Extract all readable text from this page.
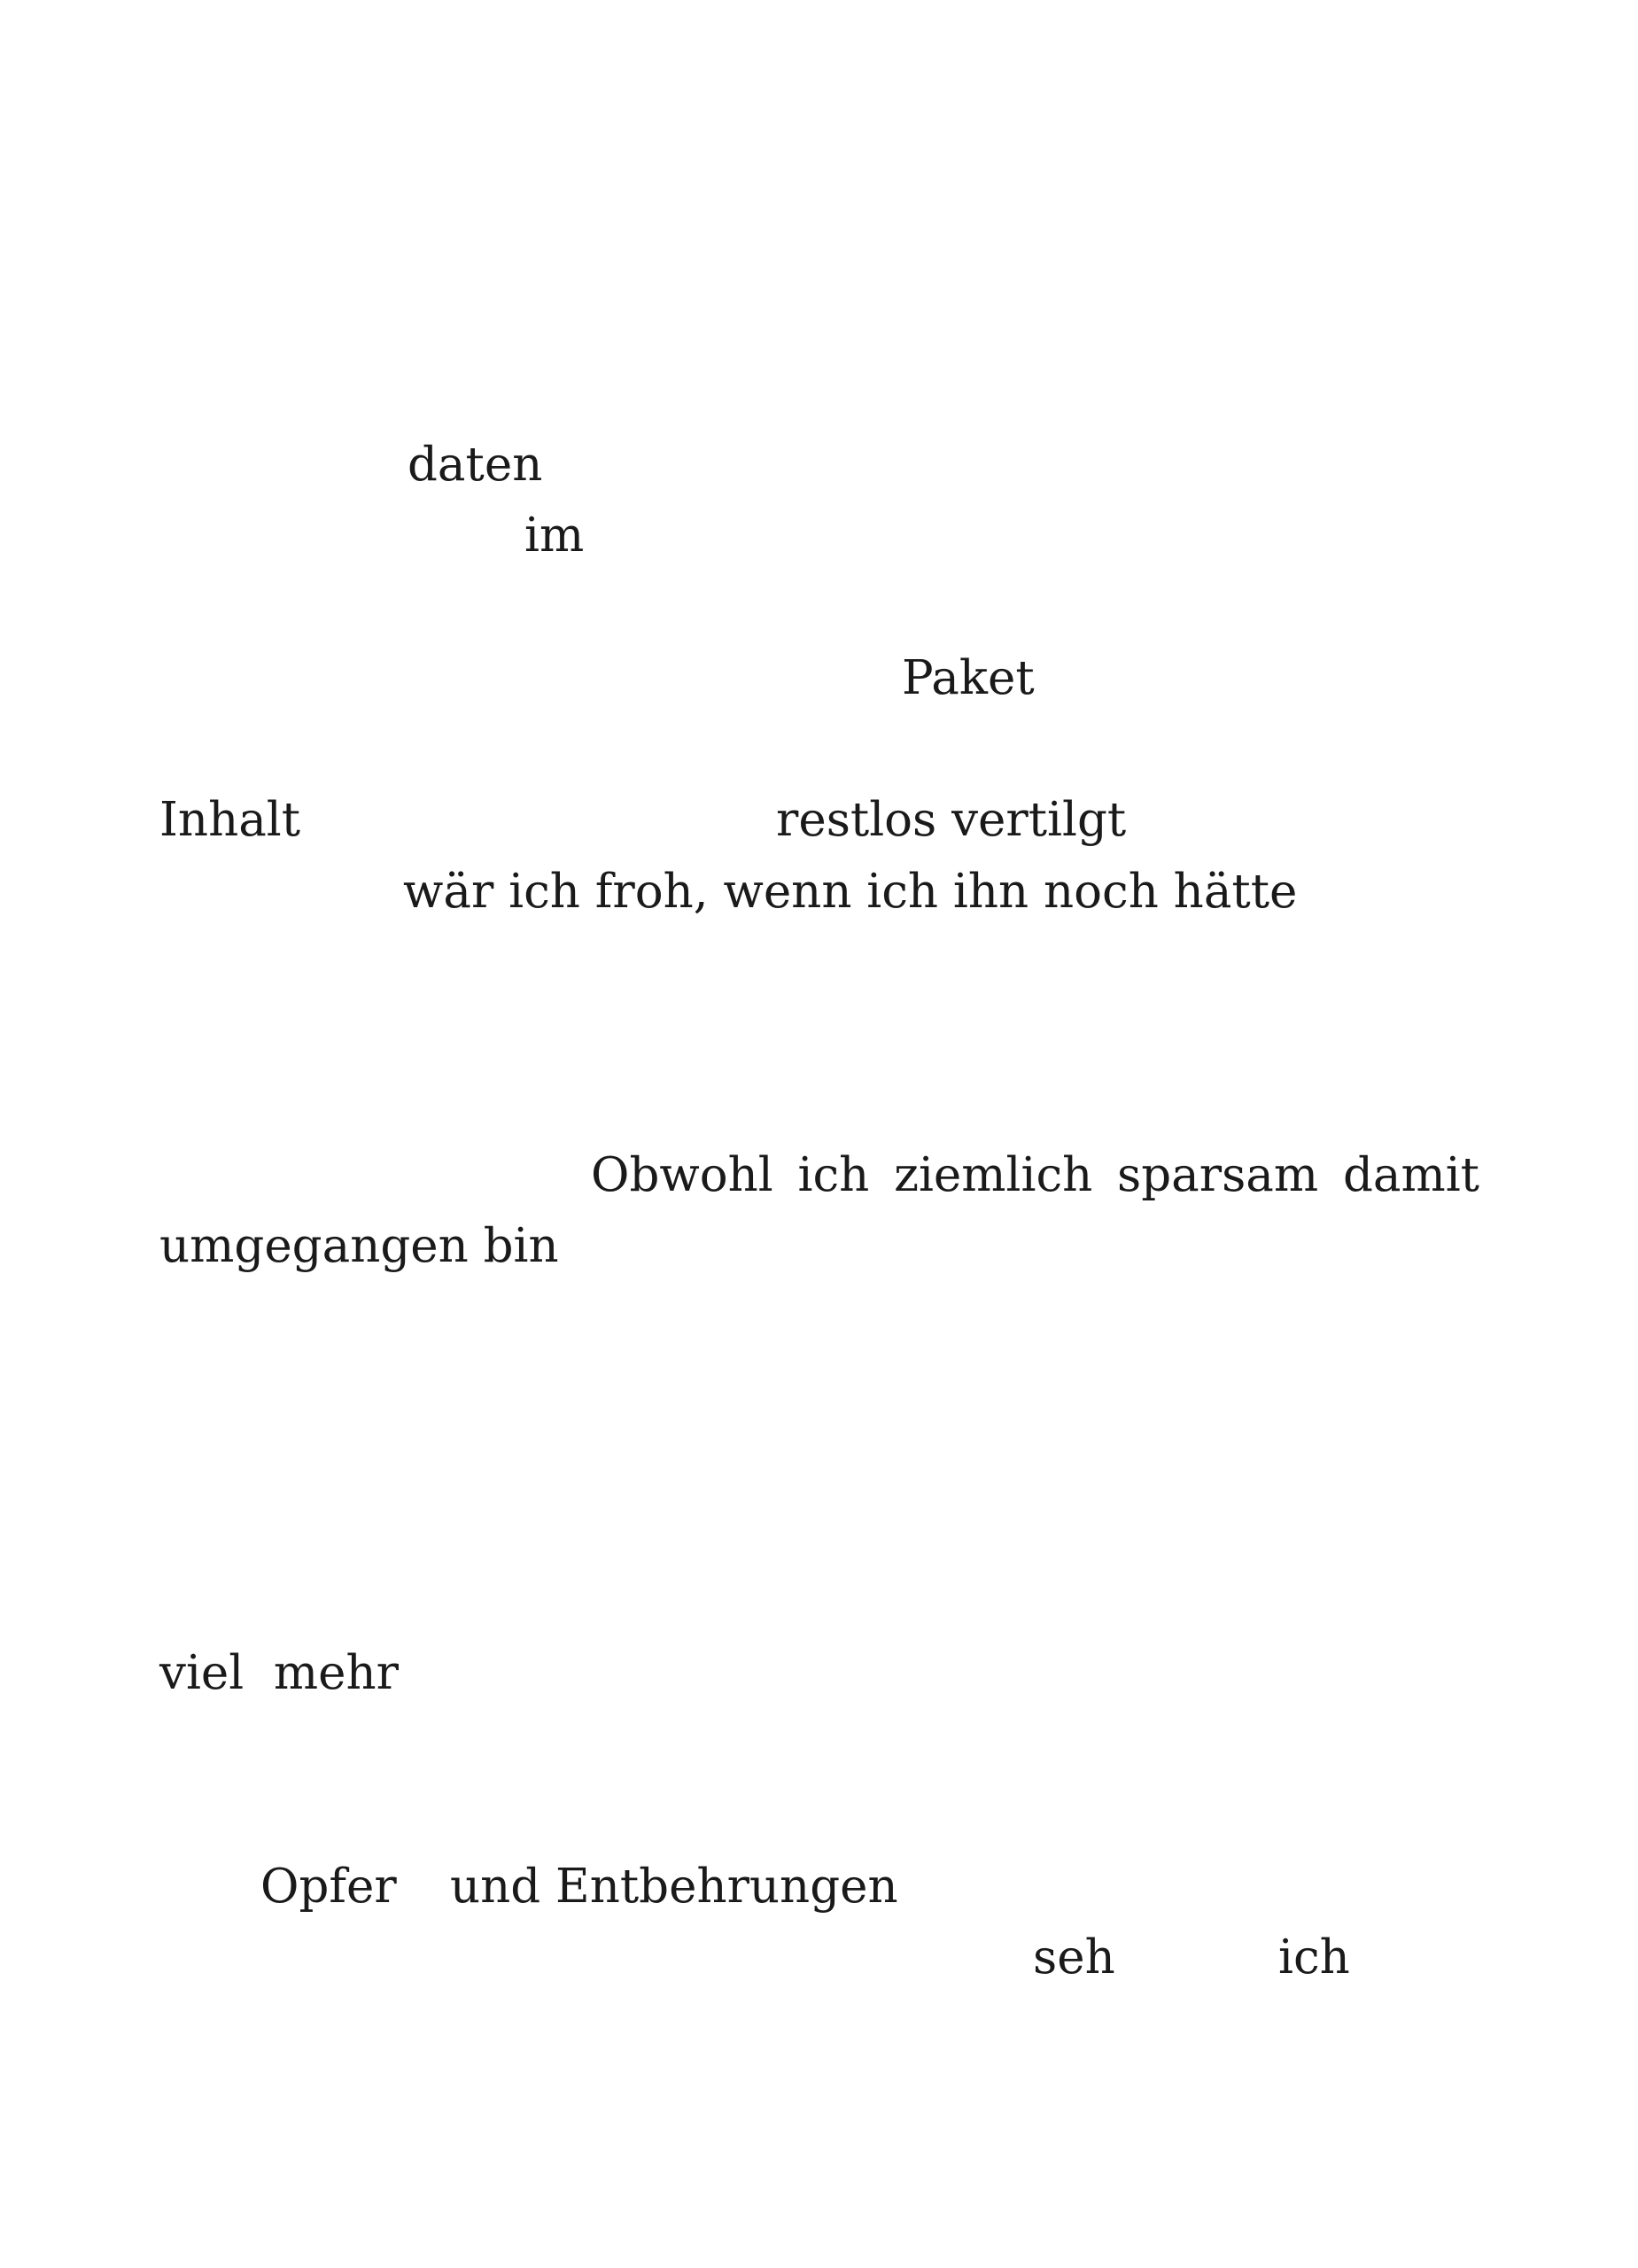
daten

im

Paket

Inhalt	restlos vertilgt

wär ich froh, wenn ich ihn noch hätte

Obwohl ich ziemlich sparsam damit

umgegangen bin

viel  mehr

Opfer und Entbehrungen

seh	ich
